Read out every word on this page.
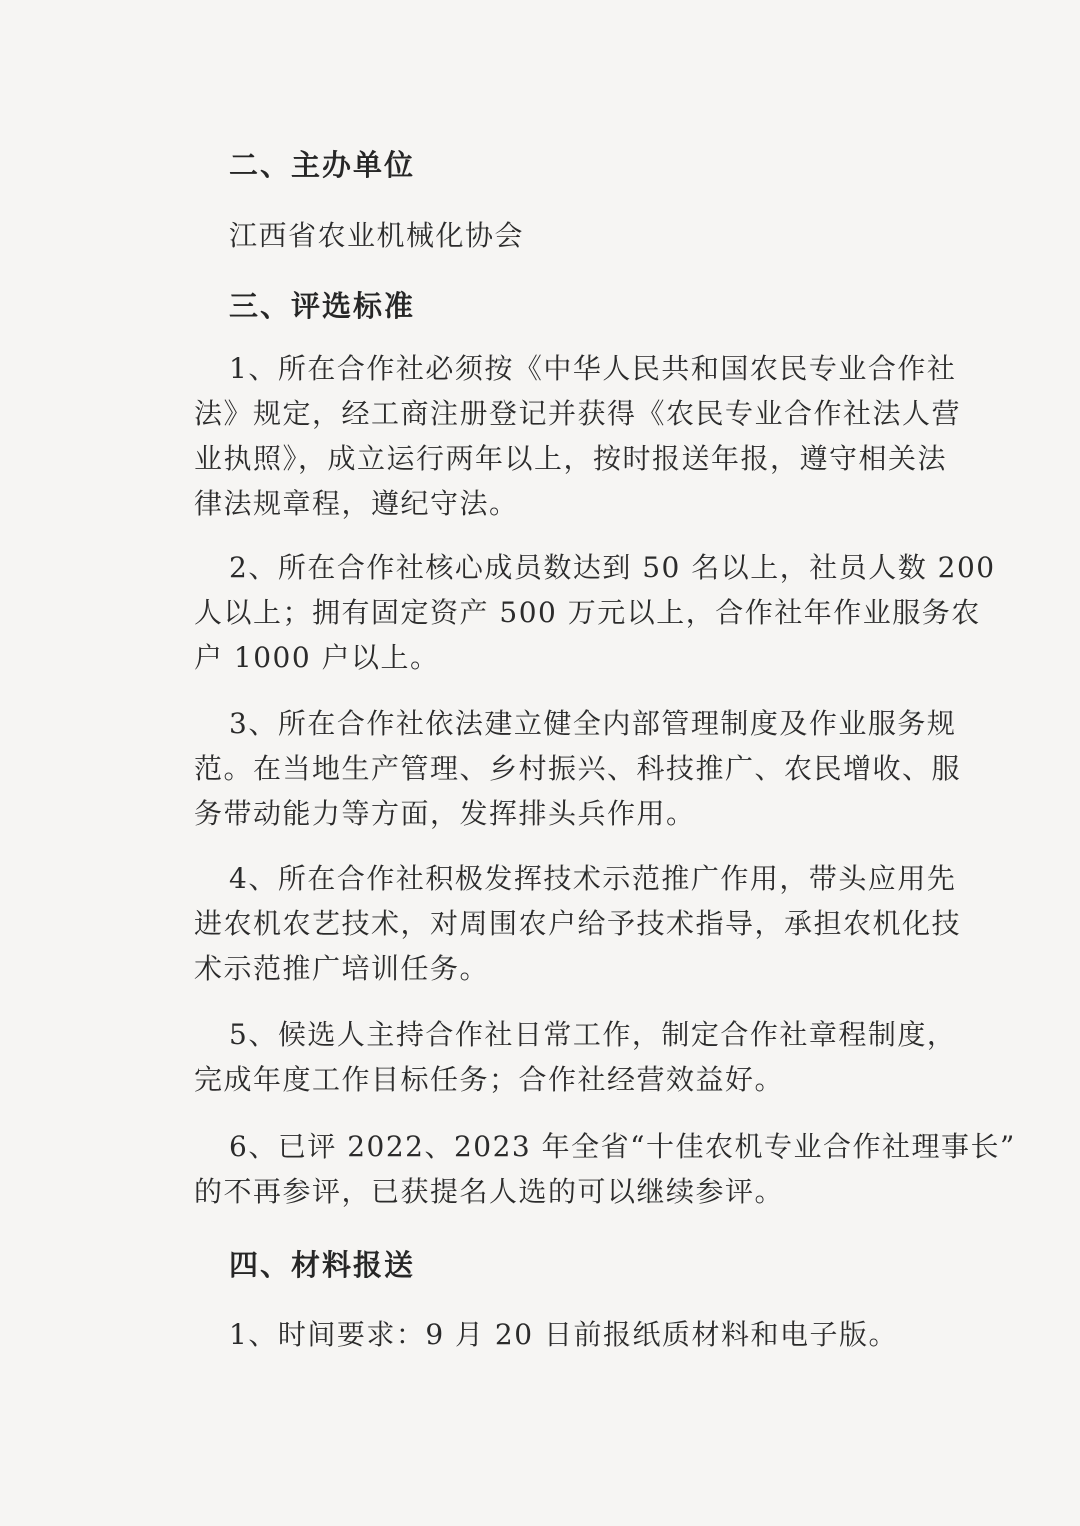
二、主办单位
江西省农业机械化协会
三、评选标准
1、所在合作社必须按《中华人民共和国农民专业合作社
法》规定，经工商注册登记并获得《农民专业合作社法人营
业执照》，成立运行两年以上，按时报送年报，遵守相关法
律法规章程，遵纪守法。
2、所在合作社核心成员数达到 50 名以上，社员人数 200
人以上；拥有固定资产 500 万元以上，合作社年作业服务农
户 1000 户以上。
3、所在合作社依法建立健全内部管理制度及作业服务规
范。在当地生产管理、乡村振兴、科技推广、农民增收、服
务带动能力等方面，发挥排头兵作用。
4、所在合作社积极发挥技术示范推广作用，带头应用先
进农机农艺技术，对周围农户给予技术指导，承担农机化技
术示范推广培训任务。
5、候选人主持合作社日常工作，制定合作社章程制度，
完成年度工作目标任务；合作社经营效益好。
6、已评 2022、2023 年全省“十佳农机专业合作社理事长”
的不再参评，已获提名人选的可以继续参评。
四、材料报送
1、时间要求：9 月 20 日前报纸质材料和电子版。
